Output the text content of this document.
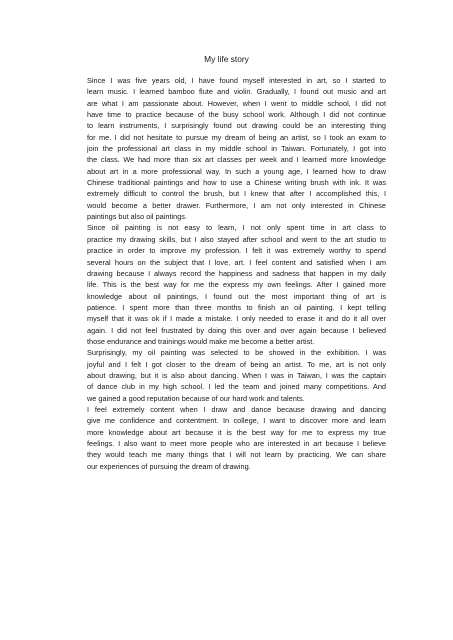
My life story

Since I was five years old, I have found myself interested in art, so I started to
learn music. I learned bamboo flute and violin. Gradually, I found out music and art
are what I am passionate about. However, when I went to middle school, I did not
have time to practice because of the busy school work. Although I did not continue
to learn instruments, I surprisingly found out drawing could be an interesting thing
for me. I did not hesitate to pursue my dream of being an artist, so I took an exam to
join the professional art class in my middle school in Taiwan. Fortunately, I got into
the class. We had more than six art classes per week and I learned more knowledge
about art in a more professional way. In such a young age, I learned how to draw
Chinese traditional paintings and how to use a Chinese writing brush with ink. It was
extremely difficult to control the brush, but I knew that after I accomplished this, I
would become a better drawer. Furthermore, I am not only interested in Chinese
paintings but also oil paintings.

Since oil painting is not easy to learn, I not only spent time in art class to
practice my drawing skills, but I also stayed after school and went to the art studio to
practice in order to improve my profession. I felt it was extremely worthy to spend
several hours on the subject that I love, art. I feel content and satisfied when I am
drawing because I always record the happiness and sadness that happen in my daily
life. This is the best way for me the express my own feelings. After I gained more
knowledge about oil paintings, I found out the most important thing of art is
patience. I spent more than three months to finish an oil painting. I kept telling
myself that it was ok if I made a mistake. I only needed to erase it and do it all over
again. I did not feel frustrated by doing this over and over again because I believed
those endurance and trainings would make me become a better artist.

Surprisingly, my oil painting was selected to be showed in the exhibition. I was
joyful and I felt I got closer to the dream of being an artist. To me, art is not only
about drawing, but it is also about dancing. When I was in Taiwan, I was the captain
of dance club in my high school. I led the team and joined many competitions. And
we gained a good reputation because of our hard work and talents.

I feel extremely content when I draw and dance because drawing and dancing
give me confidence and contentment. In college, I want to discover more and learn
more knowledge about art because it is the best way for me to express my true
feelings. I also want to meet more people who are interested in art because I believe
they would teach me many things that I will not learn by practicing. We can share
our experiences of pursuing the dream of drawing.
